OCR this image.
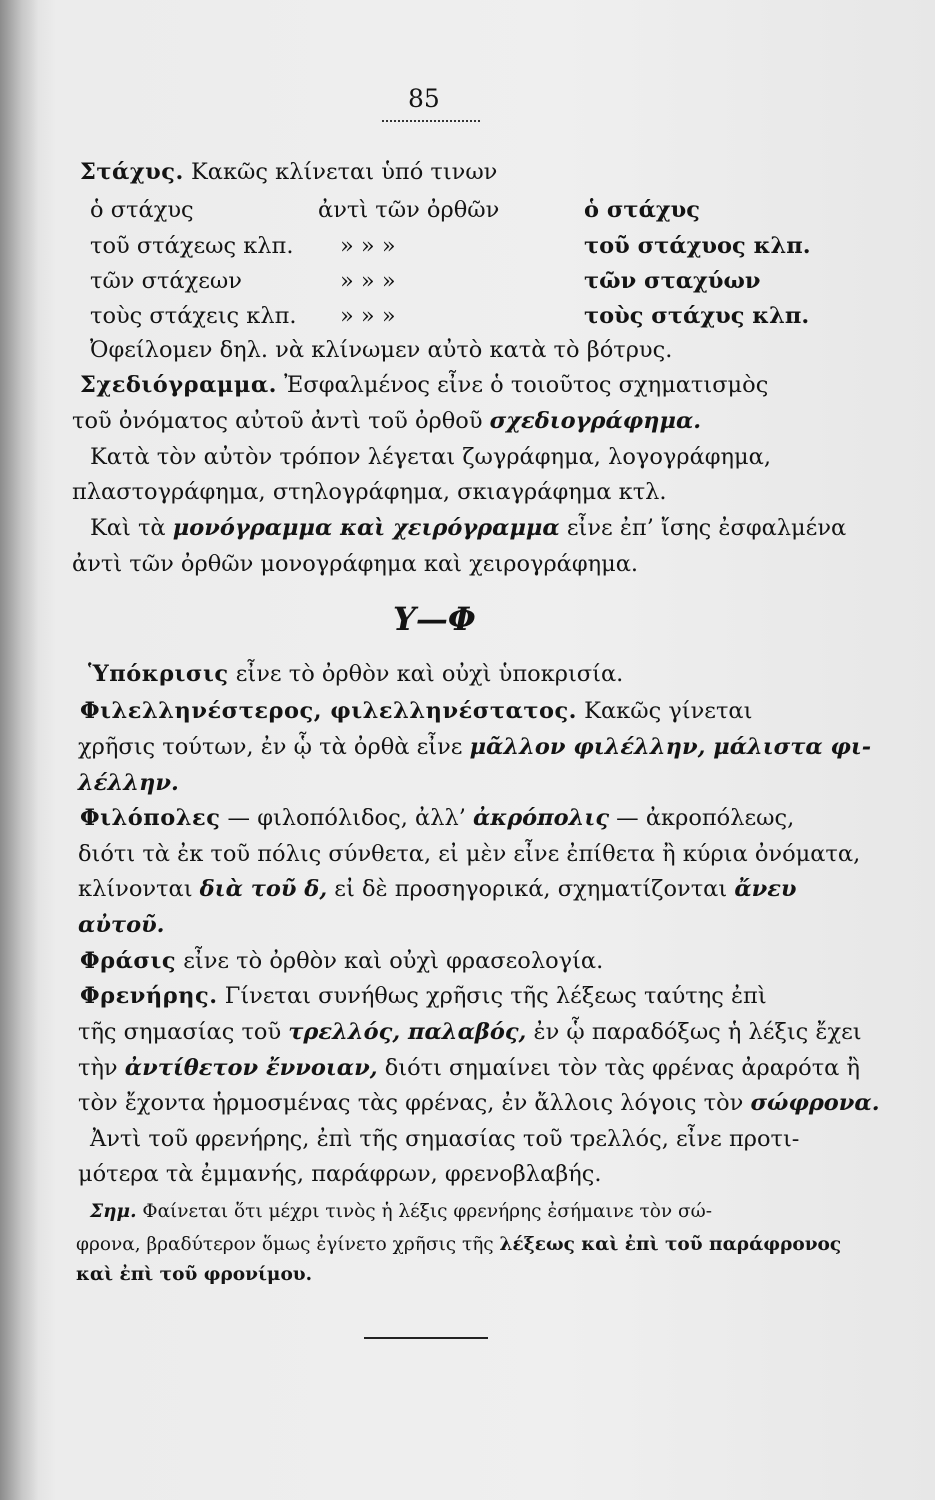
85
Στάχυς. Κακῶς κλίνεται ὑπό τινων
ὁ στάχυς	ἀντὶ τῶν ὀρθῶν	ὁ στάχυς
τοῦ στάχεως κλπ. » » »	τοῦ στάχυος κλπ.
τῶν στάχεων	» » »	τῶν σταχύων
τοὺς στάχεις κλπ. » » »	τοὺς στάχυς κλπ.
Ὀφείλομεν δηλ. νὰ κλίνωμεν αὐτὸ κατὰ τὸ βότρυς.
Σχεδιόγραμμα. Ἐσφαλμένος εἶνε ὁ τοιοῦτος σχηματισμὸς
τοῦ ὀνόματος αὐτοῦ ἀντὶ τοῦ ὀρθοῦ σχεδιογράφημα.
Κατὰ τὸν αὐτὸν τρόπον λέγεται ζωγράφημα, λογογράφημα,
πλαστογράφημα, στηλογράφημα, σκιαγράφημα κτλ.
Καὶ τὰ μονόγραμμα καὶ χειρόγραμμα εἶνε ἐπ’ ἴσης ἐσφαλμένα
ἀντὶ τῶν ὀρθῶν μονογράφημα καὶ χειρογράφημα.
Υ—Φ
Ὑπόκρισις εἶνε τὸ ὀρθὸν καὶ οὐχὶ ὑποκρισία.
Φιλελληνέστερος, φιλελληνέστατος. Κακῶς γίνεται
χρῆσις τούτων, ἐν ᾧ τὰ ὀρθὰ εἶνε μᾶλλον φιλέλλην, μάλιστα φι-
λέλλην.
Φιλόπολες — φιλοπόλιδος, ἀλλ’ ἀκρόπολις — ἀκροπόλεως,
διότι τὰ ἐκ τοῦ πόλις σύνθετα, εἰ μὲν εἶνε ἐπίθετα ἢ κύρια ὀνόματα,
κλίνονται διὰ τοῦ δ, εἰ δὲ προσηγορικά, σχηματίζονται ἄνευ
αὐτοῦ.
Φράσις εἶνε τὸ ὀρθὸν καὶ οὐχὶ φρασεολογία.
Φρενήρης. Γίνεται συνήθως χρῆσις τῆς λέξεως ταύτης ἐπὶ
τῆς σημασίας τοῦ τρελλός, παλαβός, ἐν ᾧ παραδόξως ἡ λέξις ἔχει
τὴν ἀντίθετον ἔννοιαν, διότι σημαίνει τὸν τὰς φρένας ἀραρότα ἢ
τὸν ἔχοντα ἡρμοσμένας τὰς φρένας, ἐν ἄλλοις λόγοις τὸν σώφρονα.
Ἀντὶ τοῦ φρενήρης, ἐπὶ τῆς σημασίας τοῦ τρελλός, εἶνε προτι-
μότερα τὰ ἐμμανής, παράφρων, φρενοβλαβής.
Σημ. Φαίνεται ὅτι μέχρι τινὸς ἡ λέξις φρενήρης ἐσήμαινε τὸν σώ-
φρονα, βραδύτερον ὅμως ἐγίνετο χρῆσις τῆς λέξεως καὶ ἐπὶ τοῦ παράφρονος
καὶ ἐπὶ τοῦ φρονίμου.
